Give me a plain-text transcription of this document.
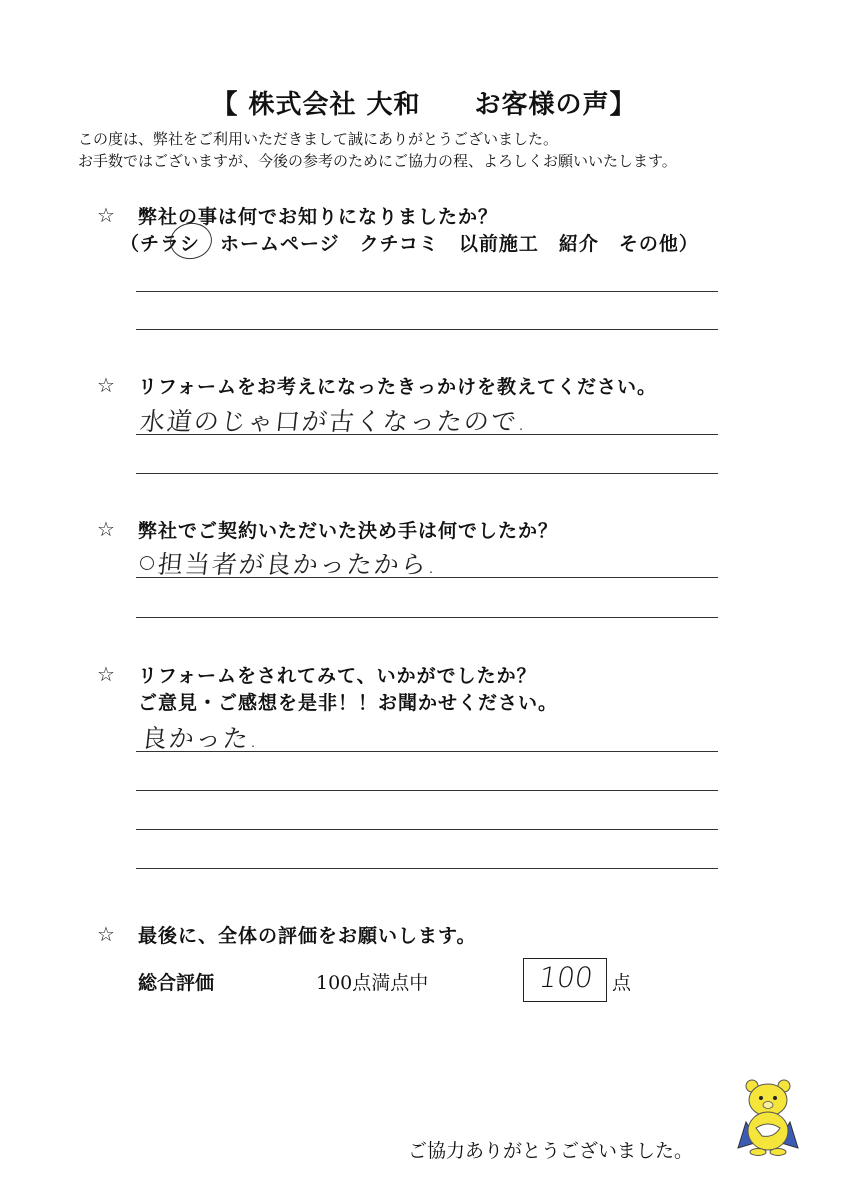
【 株式会社 大和　　お客様の声】
この度は、弊社をご利用いただきまして誠にありがとうございました。
お手数ではございますが、今後の参考のためにご協力の程、よろしくお願いいたします。
☆ 弊社の事は何でお知りになりましたか？
（チラシ　ホームページ　クチコミ　以前施工　紹介　その他）
☆ リフォームをお考えになったきっかけを教えてください。
水道のじゃ口が古くなったので.
☆ 弊社でご契約いただいた決め手は何でしたか？
担当者が良かったから.
☆ リフォームをされてみて、いかがでしたか？
ご意見・ご感想を是非！！お聞かせください。
良かった.
☆ 最後に、全体の評価をお願いします。
総合評価	100点満点中	100 点
ご協力ありがとうございました。
